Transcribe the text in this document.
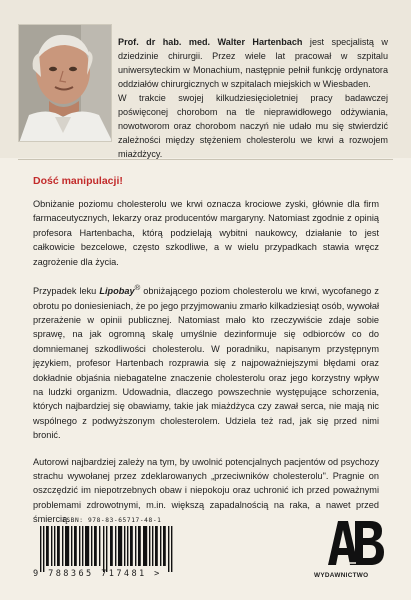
Prof. dr hab. med. Walter Hartenbach jest specjalistą w dziedzinie chirurgii. Przez wiele lat pracował w szpitalu uniwersyteckim w Monachium, następnie pełnił funkcję ordynatora oddziałów chirurgicznych w szpitalach miejskich w Wiesbaden.

W trakcie swojej kilkudziesięcioletniej pracy badawczej poświęconej chorobom na tle nieprawidłowego odżywiania, nowotworom oraz chorobom naczyń nie udało mu się stwierdzić zależności między stężeniem cholesterolu we krwi a rozwojem miażdżycy.

Dość manipulacji!

Obniżanie poziomu cholesterolu we krwi oznacza krociowe zyski, głównie dla firm farmaceutycznych, lekarzy oraz producentów margaryny. Natomiast zgodnie z opinią profesora Hartenbacha, którą podzielają wybitni naukowcy, działanie to jest całkowicie bezcelowe, często szkodliwe, a w wielu przypadkach stawia wręcz zagrożenie dla życia.

Przypadek leku Lipobay® obniżającego poziom cholesterolu we krwi, wycofanego z obrotu po doniesieniach, że po jego przyjmowaniu zmarło kilkadziesiąt osób, wywołał przerażenie w opinii publicznej. Natomiast mało kto rzeczywiście zdaje sobie sprawę, na jak ogromną skalę umyślnie dezinformuje się odbiorców co do domniemanej szkodliwości cholesterolu. W poradniku, napisanym przystępnym językiem, profesor Hartenbach rozprawia się z najpoważniejszymi błędami oraz dokładnie objaśnia niebagatelne znaczenie cholesterolu oraz jego korzystny wpływ na ludzki organizm. Udowadnia, dlaczego powszechnie występujące schorzenia, których najbardziej się obawiamy, takie jak miażdżyca czy zawał serca, nie mają nic wspólnego z podwyższonym cholesterolem. Udziela też rad, jak się przed nimi bronić.

Autorowi najbardziej zależy na tym, by uwolnić potencjalnych pacjentów od psychozy strachu wywołanej przez zdeklarowanych „przeciwników cholesterolu". Pragnie on oszczędzić im niepotrzebnych obaw i niepokoju oraz uchronić ich przed poważnymi problemami zdrowotnymi, m.in. większą zapadalnością na raka, a nawet przed śmiercią.

ISBN: 978-83-65717-48-1
9 788365 717481 >	WYDAWNICTWO
